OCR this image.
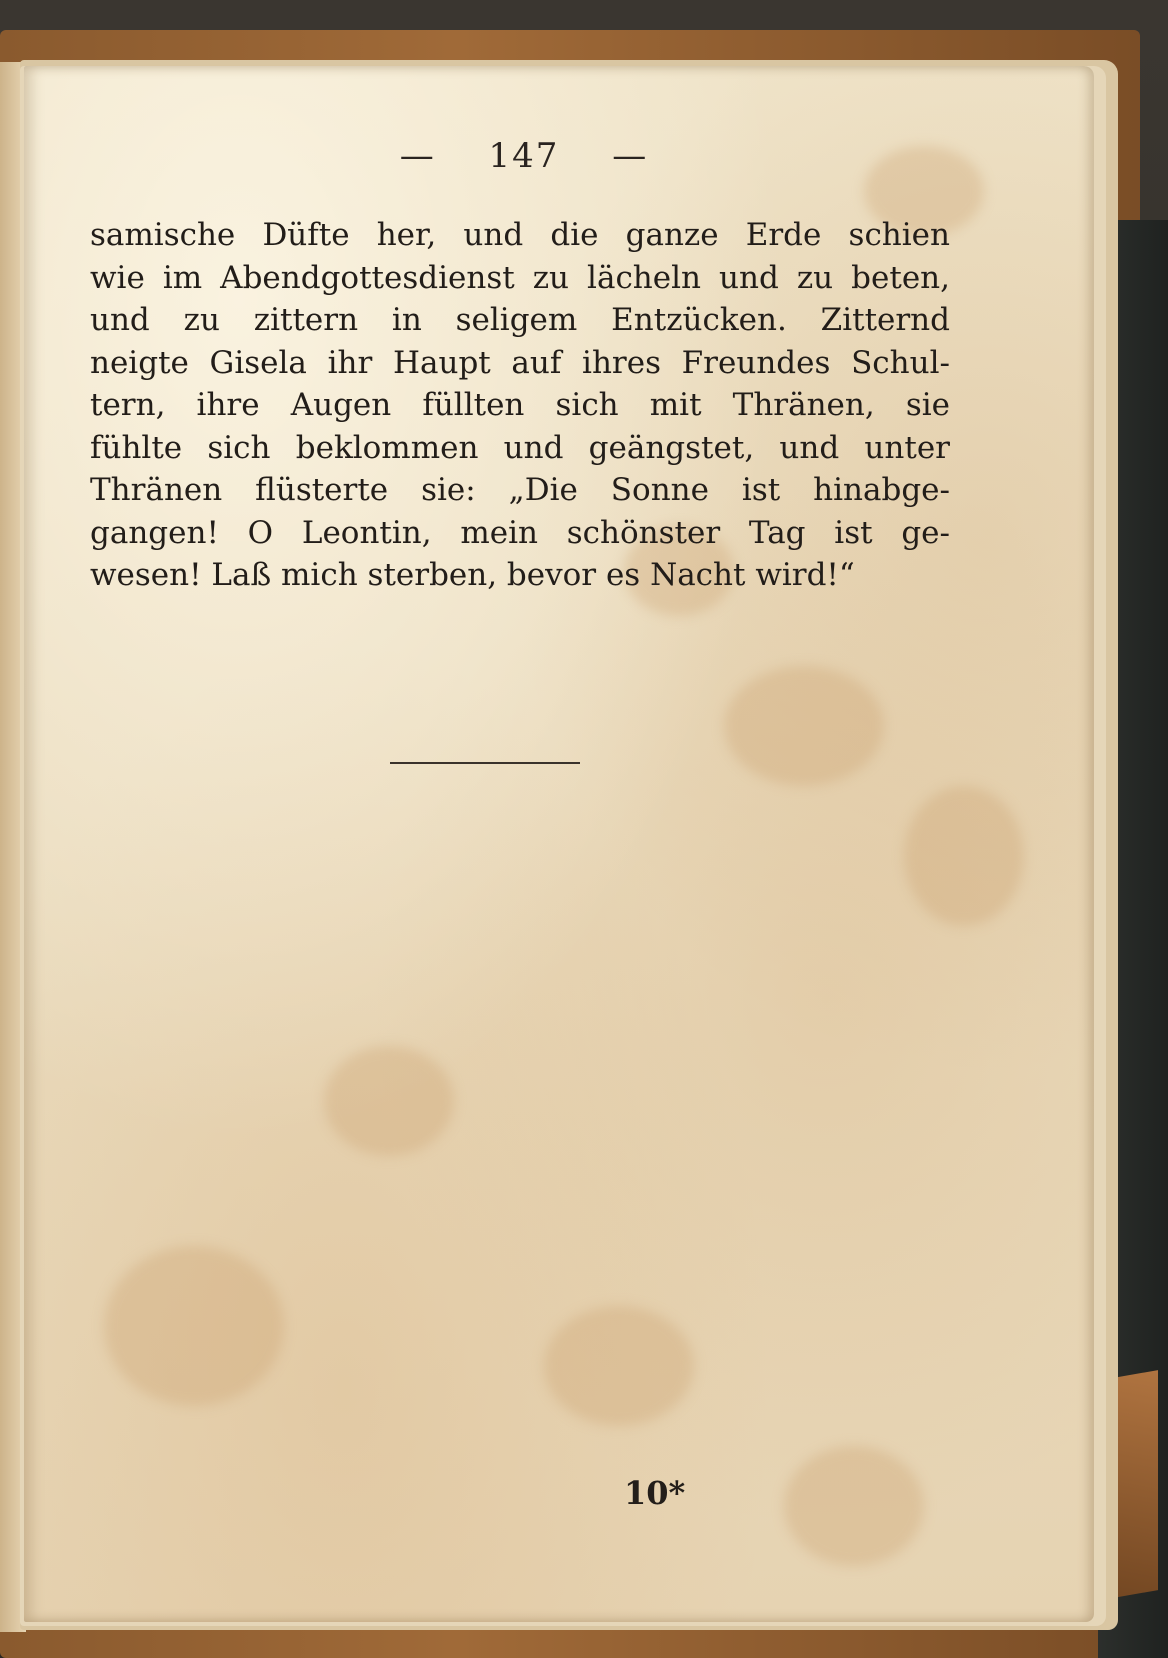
— 147 —
samische Düfte her, und die ganze Erde schien
wie im Abendgottesdienst zu lächeln und zu beten,
und zu zittern in seligem Entzücken. Zitternd
neigte Gisela ihr Haupt auf ihres Freundes Schul-
tern, ihre Augen füllten sich mit Thränen, sie
fühlte sich beklommen und geängstet, und unter
Thränen flüsterte sie: „Die Sonne ist hinabge-
gangen! O Leontin, mein schönster Tag ist ge-
wesen! Laß mich sterben, bevor es Nacht wird!“
10*
